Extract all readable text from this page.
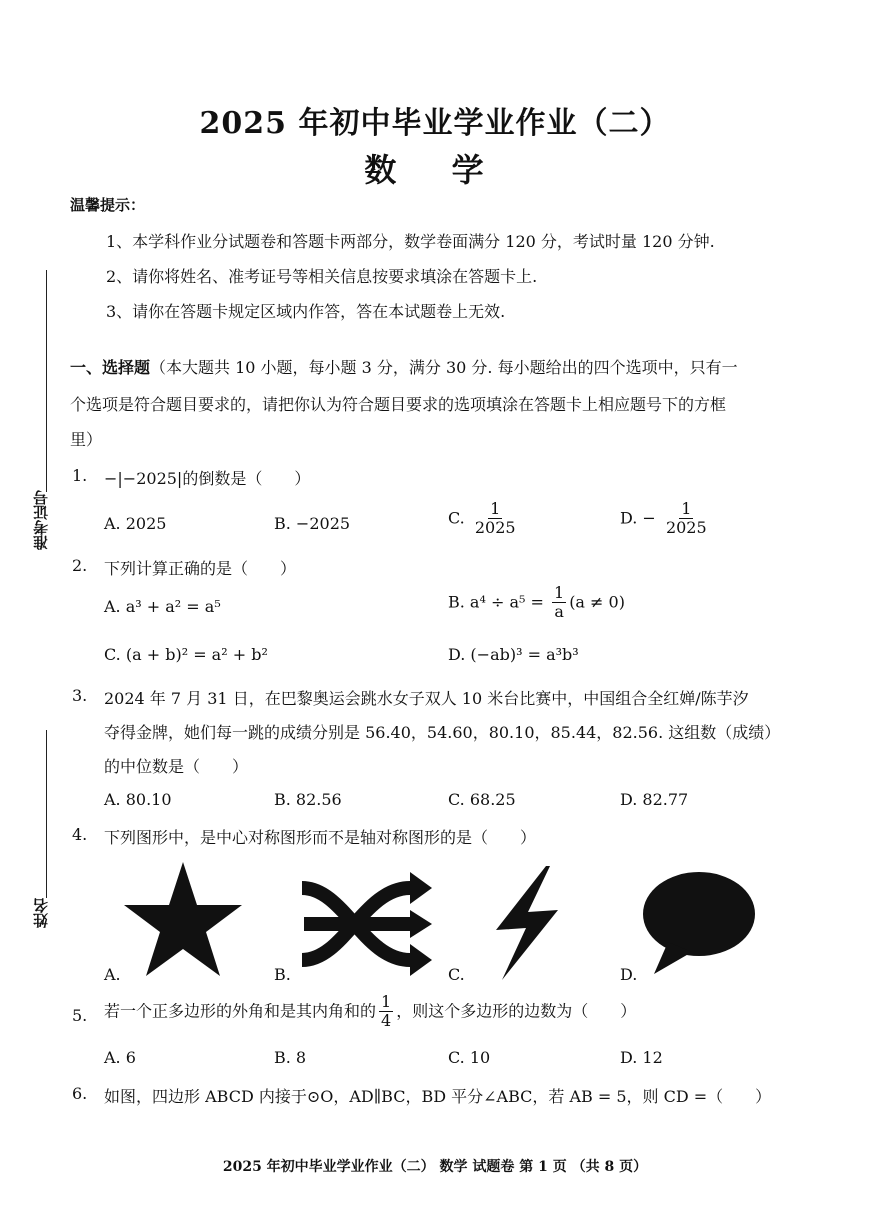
2025 年初中毕业学业作业（二）
数 学
温馨提示：
1、本学科作业分试题卷和答题卡两部分，数学卷面满分 120 分，考试时量 120 分钟.
2、请你将姓名、准考证号等相关信息按要求填涂在答题卡上.
3、请你在答题卡规定区域内作答，答在本试题卷上无效.
准考证号
姓名
一、选择题（本大题共 10 小题，每小题 3 分，满分 30 分. 每小题给出的四个选项中，只有一
个选项是符合题目要求的，请把你认为符合题目要求的选项填涂在答题卡上相应题号下的方框
里）
1. −|−2025|的倒数是（　　）
A. 2025	B. −2025	C. $\frac{1}{2025}$	D. − $\frac{1}{2025}$
2. 下列计算正确的是（　　）
A. a³ + a² = a⁵	B. $a^4 \div a^5 = \frac{1}{a} (a \ne 0)$
C. (a + b)² = a² + b²	D. (−ab)³ = a³b³
3. 2024 年 7 月 31 日，在巴黎奥运会跳水女子双人 10 米台比赛中，中国组合全红婵/陈芋汐
夺得金牌，她们每一跳的成绩分别是 56.40，54.60，80.10，85.44，82.56. 这组数（成绩）
的中位数是（　　）
A. 80.10	B. 82.56	C. 68.25	D. 82.77
4. 下列图形中，是中心对称图形而不是轴对称图形的是（　　）
A.	B.	C.	D.
5. 若一个正多边形的外角和是其内角和的 $\frac{1}{4}$ ，则这个多边形的边数为（　　）
A. 6	B. 8	C. 10	D. 12
6. 如图，四边形 ABCD 内接于⊙O，AD∥BC，BD 平分∠ABC，若 AB = 5，则 CD =（　　）
2025 年初中毕业学业作业（二） 数学 试题卷 第 1 页 （共 8 页）
